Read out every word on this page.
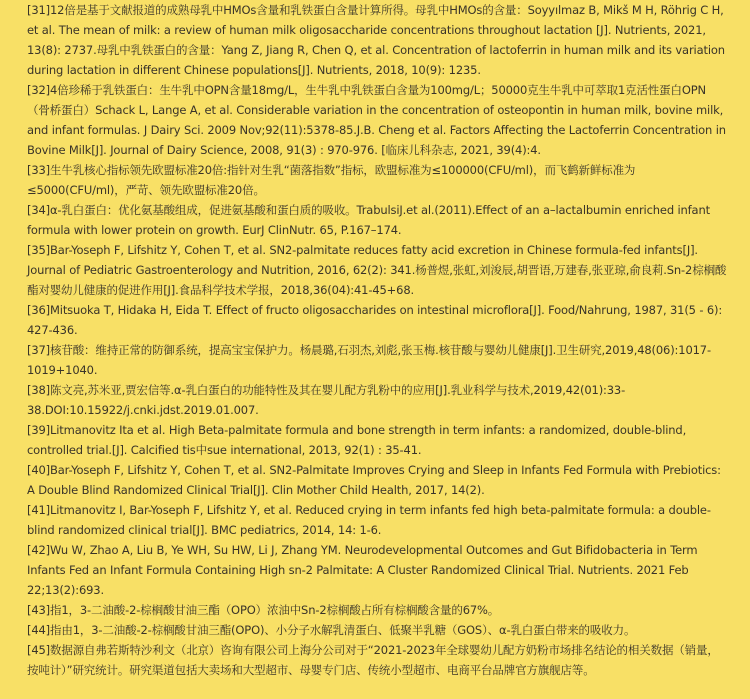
[31]12倍是基于文献报道的成熟母乳中HMOs含量和乳铁蛋白含量计算所得。母乳中HMOs的含量：Soyyılmaz B, Mikš M H, Röhrig C H, et al. The mean of milk: a review of human milk oligosaccharide concentrations throughout lactation [J]. Nutrients, 2021, 13(8): 2737.母乳中乳铁蛋白的含量：Yang Z, Jiang R, Chen Q, et al. Concentration of lactoferrin in human milk and its variation during lactation in different Chinese populations[J]. Nutrients, 2018, 10(9): 1235.

[32]4倍珍稀于乳铁蛋白：生牛乳中OPN含量18mg/L，生牛乳中乳铁蛋白含量为100mg/L；50000克生牛乳中可萃取1克活性蛋白OPN（骨桥蛋白）Schack L, Lange A, et al. Considerable variation in the concentration of osteopontin in human milk, bovine milk, and infant formulas. J Dairy Sci. 2009 Nov;92(11):5378-85.J.B. Cheng et al. Factors Affecting the Lactoferrin Concentration in Bovine Milk[J]. Journal of Dairy Science, 2008, 91(3) : 970-976. [临床儿科杂志, 2021, 39(4):4.

[33]生牛乳核心指标领先欧盟标准20倍:指针对生乳“菌落指数”指标，欧盟标准为≤100000(CFU/ml)，而飞鹤新鲜标准为≤5000(CFU/ml)，严苛、领先欧盟标准20倍。

[34]α-乳白蛋白：优化氨基酸组成，促进氨基酸和蛋白质的吸收。TrabulsiJ.et al.(2011).Effect of an a–lactalbumin enriched infant formula with lower protein on growth. EurJ ClinNutr. 65, P.167–174.

[35]Bar-Yoseph F, Lifshitz Y, Cohen T, et al. SN2-palmitate reduces fatty acid excretion in Chinese formula-fed infants[J]. Journal of Pediatric Gastroenterology and Nutrition, 2016, 62(2): 341.杨普煜,张虹,刘浚辰,胡晋语,万建春,张亚琼,俞良莉.Sn-2棕榈酸酯对婴幼儿健康的促进作用[J].食品科学技术学报，2018,36(04):41-45+68.

[36]Mitsuoka T, Hidaka H, Eida T. Effect of fructo oligosaccharides on intestinal microflora[J]. Food/Nahrung, 1987, 31(5 - 6): 427-436.

[37]核苷酸：维持正常的防御系统，提高宝宝保护力。杨晨璐,石羽杰,刘彪,张玉梅.核苷酸与婴幼儿健康[J].卫生研究,2019,48(06):1017-1019+1040.

[38]陈文亮,苏米亚,贾宏信等.α-乳白蛋白的功能特性及其在婴儿配方乳粉中的应用[J].乳业科学与技术,2019,42(01):33-38.DOI:10.15922/j.cnki.jdst.2019.01.007.

[39]Litmanovitz Ita et al. High Beta-palmitate formula and bone strength in term infants: a randomized, double-blind, controlled trial.[J]. Calcified tis中sue international, 2013, 92(1) : 35-41.

[40]Bar-Yoseph F, Lifshitz Y, Cohen T, et al. SN2-Palmitate Improves Crying and Sleep in Infants Fed Formula with Prebiotics: A Double Blind Randomized Clinical Trial[J]. Clin Mother Child Health, 2017, 14(2).

[41]Litmanovitz I, Bar-Yoseph F, Lifshitz Y, et al. Reduced crying in term infants fed high beta-palmitate formula: a double-blind randomized clinical trial[J]. BMC pediatrics, 2014, 14: 1-6.

[42]Wu W, Zhao A, Liu B, Ye WH, Su HW, Li J, Zhang YM. Neurodevelopmental Outcomes and Gut Bifidobacteria in Term Infants Fed an Infant Formula Containing High sn-2 Palmitate: A Cluster Randomized Clinical Trial. Nutrients. 2021 Feb 22;13(2):693.

[43]指1，3-二油酸-2-棕榈酸甘油三酯（OPO）浓油中Sn-2棕榈酸占所有棕榈酸含量的67%。

[44]指由1，3-二油酸-2-棕榈酸甘油三酯(OPO)、小分子水解乳清蛋白、低聚半乳糖（GOS）、α-乳白蛋白带来的吸收力。

[45]数据源自弗若斯特沙利文（北京）咨询有限公司上海分公司对于“2021-2023年全球婴幼儿配方奶粉市场排名结论的相关数据（销量，按吨计）”研究统计。研究渠道包括大卖场和大型超市、母婴专门店、传统小型超市、电商平台品牌官方旗舰店等。
